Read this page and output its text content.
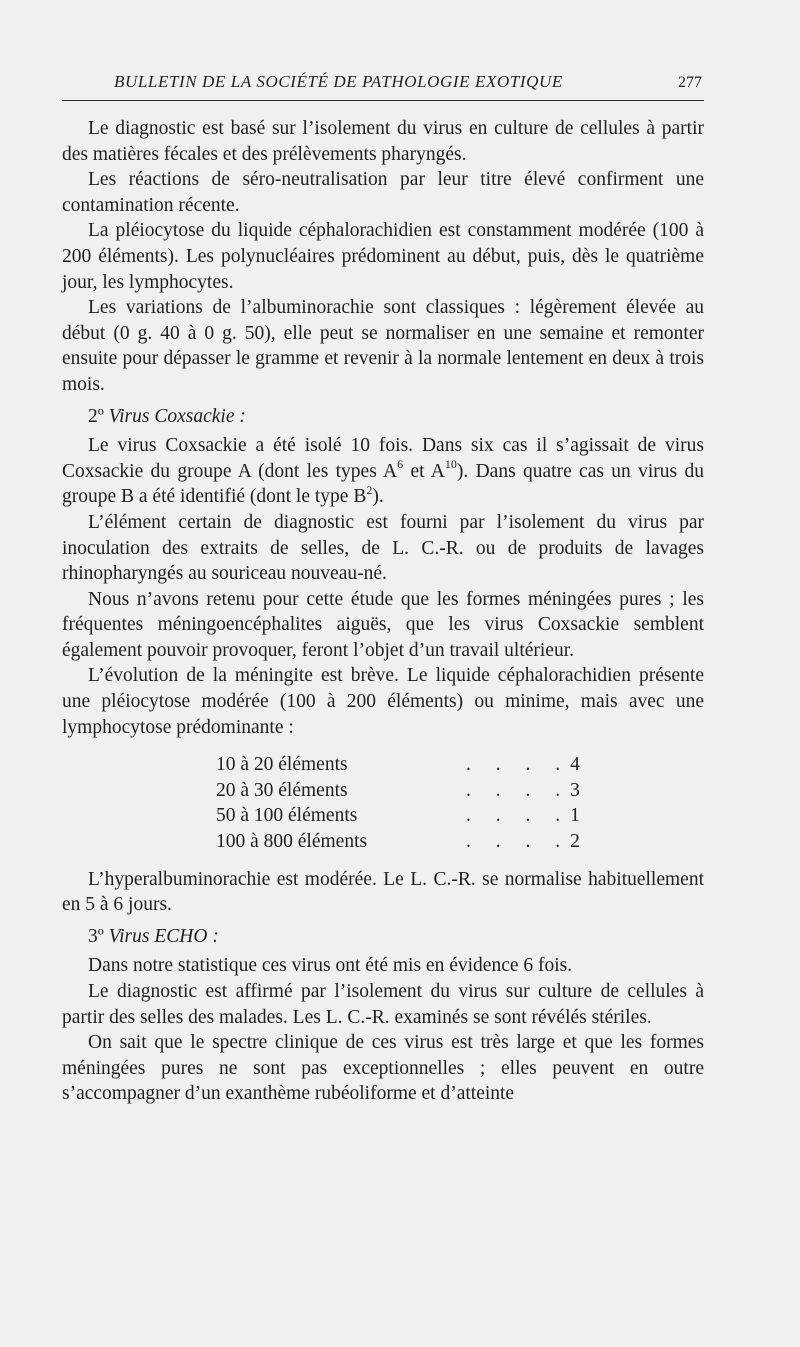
BULLETIN DE LA SOCIÉTÉ DE PATHOLOGIE EXOTIQUE	277

Le diagnostic est basé sur l’isolement du virus en culture de cellules à partir des matières fécales et des prélèvements pharyngés.

Les réactions de séro-neutralisation par leur titre élevé confirment une contamination récente.

La pléiocytose du liquide céphalorachidien est constamment modérée (100 à 200 éléments). Les polynucléaires prédominent au début, puis, dès le quatrième jour, les lymphocytes.

Les variations de l’albuminorachie sont classiques : légèrement élevée au début (0 g. 40 à 0 g. 50), elle peut se normaliser en une semaine et remonter ensuite pour dépasser le gramme et revenir à la normale lentement en deux à trois mois.

2º Virus Coxsackie :

Le virus Coxsackie a été isolé 10 fois. Dans six cas il s’agissait de virus Coxsackie du groupe A (dont les types $A^6$ et $A^{10}$). Dans quatre cas un virus du groupe B a été identifié (dont le type $B^2$).

L’élément certain de diagnostic est fourni par l’isolement du virus par inoculation des extraits de selles, de L. C.-R. ou de produits de lavages rhinopharyngés au souriceau nouveau-né.

Nous n’avons retenu pour cette étude que les formes méningées pures ; les fréquentes méningoencéphalites aiguës, que les virus Coxsackie semblent également pouvoir provoquer, feront l’objet d’un travail ultérieur.

L’évolution de la méningite est brève. Le liquide céphalorachidien présente une pléiocytose modérée (100 à 200 éléments) ou minime, mais avec une lymphocytose prédominante :

10 à 20 éléments	. . . .	4
20 à 30 éléments	. . . .	3
50 à 100 éléments	. . . .	1
100 à 800 éléments	. . . .	2

L’hyperalbuminorachie est modérée. Le L. C.-R. se normalise habituellement en 5 à 6 jours.

3º Virus ECHO :

Dans notre statistique ces virus ont été mis en évidence 6 fois.

Le diagnostic est affirmé par l’isolement du virus sur culture de cellules à partir des selles des malades. Les L. C.-R. examinés se sont révélés stériles.

On sait que le spectre clinique de ces virus est très large et que les formes méningées pures ne sont pas exceptionnelles ; elles peuvent en outre s’accompagner d’un exanthème rubéoliforme et d’atteinte
